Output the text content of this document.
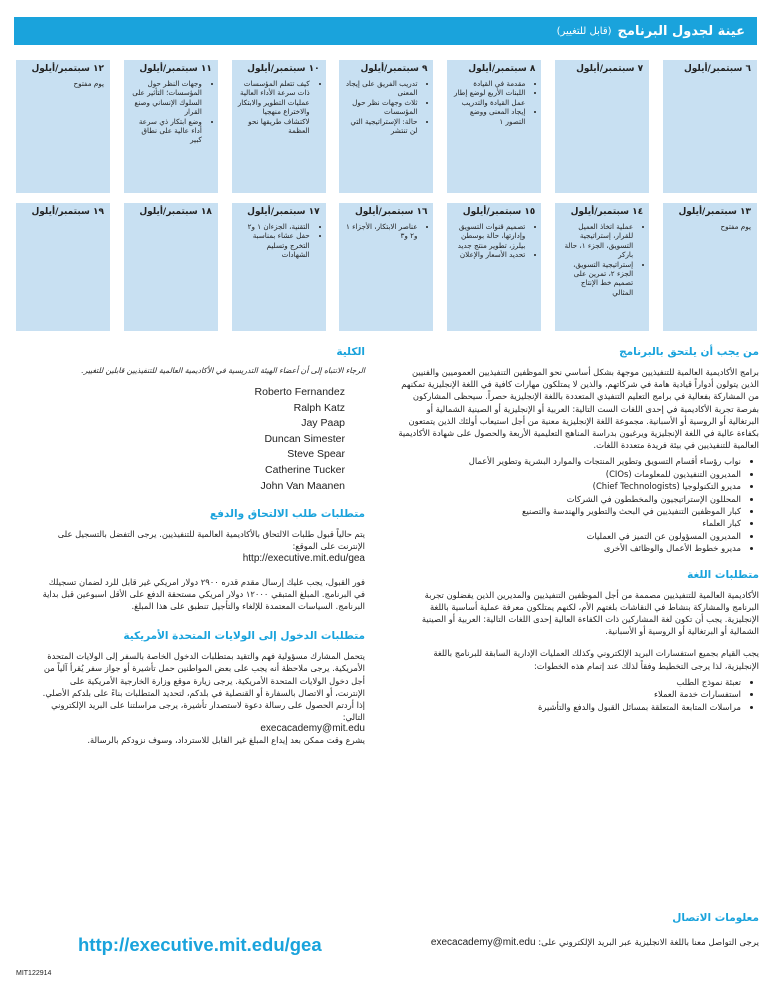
عينة لجدول البرنامج
(قابل للتغيير)
٦ سبتمبر/أيلول
٧ سبتمبر/أيلول
٨ سبتمبر/أيلول
• مقدمة في القيادة
• اللبنات الأربع لوضع إطار عمل القيادة والتدريب
• إيجاد المعنى ووضع التصور ١
٩ سبتمبر/أيلول
• تدريب الفريق على إيجاد المعنى
• ثلاث وجهات نظر حول المؤسسات
• حالة: الإستراتيجية التي لن تنتشر
١٠ سبتمبر/أيلول
• كيف تتعلم المؤسسات ذات سرعة الأداء العالية عمليات التطوير والابتكار والاختراع منهجيا لاكتشاف طريقها نحو العظمة
١١ سبتمبر/أيلول
• وجهات النظر حول المؤسسات؛ التأثير على السلوك الإنساني وصنع القرار
• وضع ابتكار ذي سرعة أداء عالية على نطاق كبير
١٢ سبتمبر/أيلول
يوم مفتوح
١٣ سبتمبر/أيلول
يوم مفتوح
١٤ سبتمبر/أيلول
• عملية اتخاذ العميل للقرار، إستراتيجية التسويق، الجزء ١، حالة باركر
• إستراتيجية التسويق، الجزء ٢، تمرين على تصميم خط الإنتاج المثالي
١٥ سبتمبر/أيلول
• تصميم قنوات التسويق وإدارتها، حالة بوسطن بيلرز، تطوير منتج جديد
• تحديد الأسعار والإعلان
١٦ سبتمبر/أيلول
• عناصر الابتكار، الأجزاء ١ و٢ و٣
١٧ سبتمبر/أيلول
• التقنية، الجزءان ١ و٢
• حفل عشاء بمناسبة التخرج وتسليم الشهادات
١٨ سبتمبر/أيلول
١٩ سبتمبر/أيلول
من يجب أن يلتحق بالبرنامج

برامج الأكاديمية العالمية للتنفيذيين موجهة بشكل أساسي نحو الموظفين التنفيذيين العموميين والفنيين الذين يتولون أدواراً قيادية هامة في شركاتهم، والذين لا يمتلكون مهارات كافية في اللغة الإنجليزية تمكنهم من المشاركة بفعالية في برامج التعليم التنفيذي المتعددة باللغة الإنجليزية حصراً. سيحظى المشاركون بفرصة تجربة الأكاديمية في إحدى اللغات الست التالية: العربية أو الإنجليزية أو الصينية الشمالية أو البرتغالية أو الروسية أو الأسبانية. مجموعة اللغة الإنجليزية معنية من أجل استيعاب أولئك الذين يتمتعون بكفاءة عالية في اللغة الإنجليزية ويرغبون بدراسة المناهج التعليمية الأربعة والحصول على شهادة الأكاديمية العالمية للتنفيذيين في بيئة فريدة متعددة اللغات.

• نواب رؤساء أقسام التسويق وتطوير المنتجات والموارد البشرية وتطوير الأعمال
• المديرون التنفيذيون للمعلومات (CIOs)
• مديرو التكنولوجيا (Chief Technologists)
• المحللون الإستراتيجيون والمخططون في الشركات
• كبار الموظفين التنفيذيين في البحث والتطوير والهندسة والتصنيع
• كبار العلماء
• المديرون المسؤولون عن التميز في العمليات
• مديرو خطوط الأعمال والوظائف الأخرى
متطلبات اللغة

الأكاديمية العالمية للتنفيذيين مصممة من أجل الموظفين التنفيذيين والمديرين الذين يفضلون تجربة البرنامج والمشاركة بنشاط في النقاشات بلغتهم الأم، لكنهم يمتلكون معرفة عملية أساسية باللغة الإنجليزية. يجب أن تكون لغة المشاركين ذات الكفاءة العالية إحدى اللغات التالية: العربية أو الصينية الشمالية أو البرتغالية أو الروسية أو الأسبانية.

يجب القيام بجميع استفسارات البريد الإلكتروني وكذلك العمليات الإدارية السابقة للبرنامج باللغة الإنجليزية، لذا يرجى التخطيط وفقاً لذلك عند إتمام هذه الخطوات:

• تعبئة نموذج الطلب
• استفسارات خدمة العملاء
• مراسلات المتابعة المتعلقة بمسائل القبول والدفع والتأشيرة
الكلية
الرجاء الانتباه إلى أن أعضاء الهيئة التدريسية في الأكاديمية العالمية للتنفيذيين قابلين للتغيير.
Roberto Fernandez
Ralph Katz
Jay Paap
Duncan Simester
Steve Spear
Catherine Tucker
John Van Maanen
متطلبات طلب الالتحاق والدفع

يتم حالياً قبول طلبات الالتحاق بالأكاديمية العالمية للتنفيذيين. يرجى التفضل بالتسجيل على الإنترنت على الموقع:

http://executive.mit.edu/gea

فور القبول، يجب عليك إرسال مقدم قدره ٢٩٠٠ دولار امريكي غير قابل للرد لضمان تسجيلك في البرنامج. المبلغ المتبقي ١٢٠٠٠ دولار امريكي مستحقة الدفع على الأقل اسبوعين قبل بداية البرنامج. السياسات المعتمدة للإلغاء والتأجيل تنطبق على هذا المبلغ.

متطلبات الدخول إلى الولايات المتحدة الأمريكية

يتحمل المشارك مسؤولية فهم والتقيد بمتطلبات الدخول الخاصة بالسفر إلى الولايات المتحدة الأمريكية. يرجى ملاحظة أنه يجب على بعض المواطنين حمل تأشيرة أو جواز سفر يُقرأ آلياً من أجل دخول الولايات المتحدة الأمريكية. يرجى زيارة موقع وزارة الخارجية الأمريكية على الإنترنت، أو الاتصال بالسفارة أو القنصلية في بلدكم، لتحديد المتطلبات بناءً على بلدكم الأصلي. إذا أردتم الحصول على رسالة دعوة لاستصدار تأشيرة، يرجى مراسلتنا على البريد الإلكتروني التالي:

execacademy@mit.edu

يشرع وقت ممكن بعد إيداع المبلغ غير القابل للاسترداد، وسوف نزودكم بالرسالة.

معلومات الاتصال
يرجى التواصل معنا باللغة الانجليزية عبر البريد الإلكتروني على: execacademy@mit.edu
http://executive.mit.edu/gea
MIT122914
